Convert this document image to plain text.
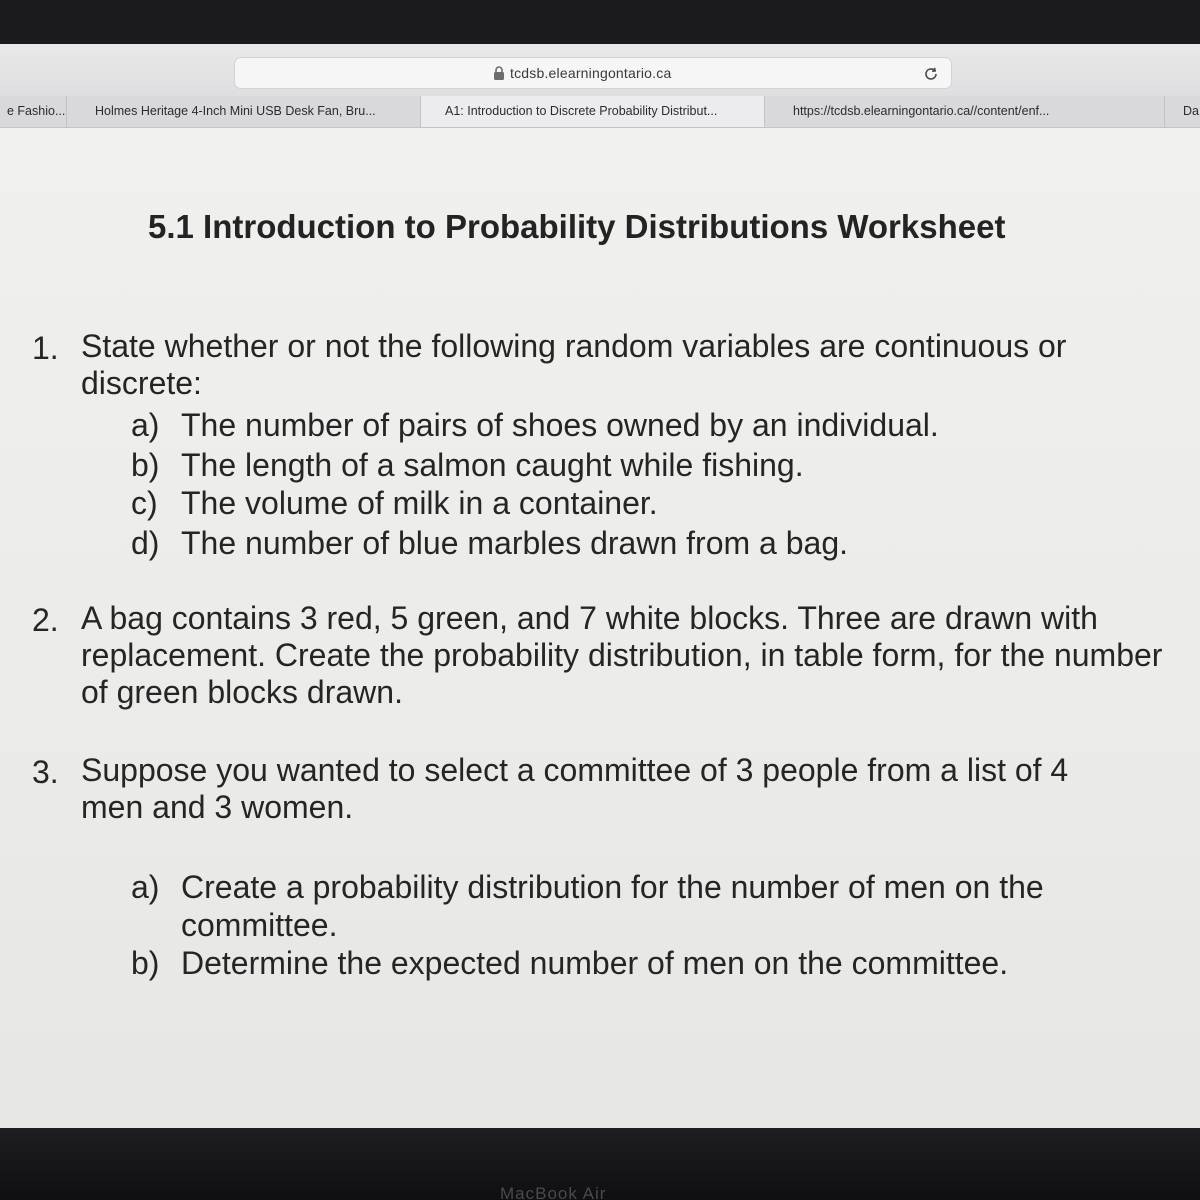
tcdsb.elearningontario.ca
e Fashio...	Holmes Heritage 4-Inch Mini USB Desk Fan, Bru...	A1: Introduction to Discrete Probability Distribut...	https://tcdsb.elearningontario.ca//content/enf...	Da
5.1 Introduction to Probability Distributions Worksheet
1. State whether or not the following random variables are continuous or discrete:
a) The number of pairs of shoes owned by an individual.
b) The length of a salmon caught while fishing.
c) The volume of milk in a container.
d) The number of blue marbles drawn from a bag.
2. A bag contains 3 red, 5 green, and 7 white blocks. Three are drawn with replacement. Create the probability distribution, in table form, for the number of green blocks drawn.
3. Suppose you wanted to select a committee of 3 people from a list of 4 men and 3 women.
a) Create a probability distribution for the number of men on the committee.
b) Determine the expected number of men on the committee.
MacBook Air
